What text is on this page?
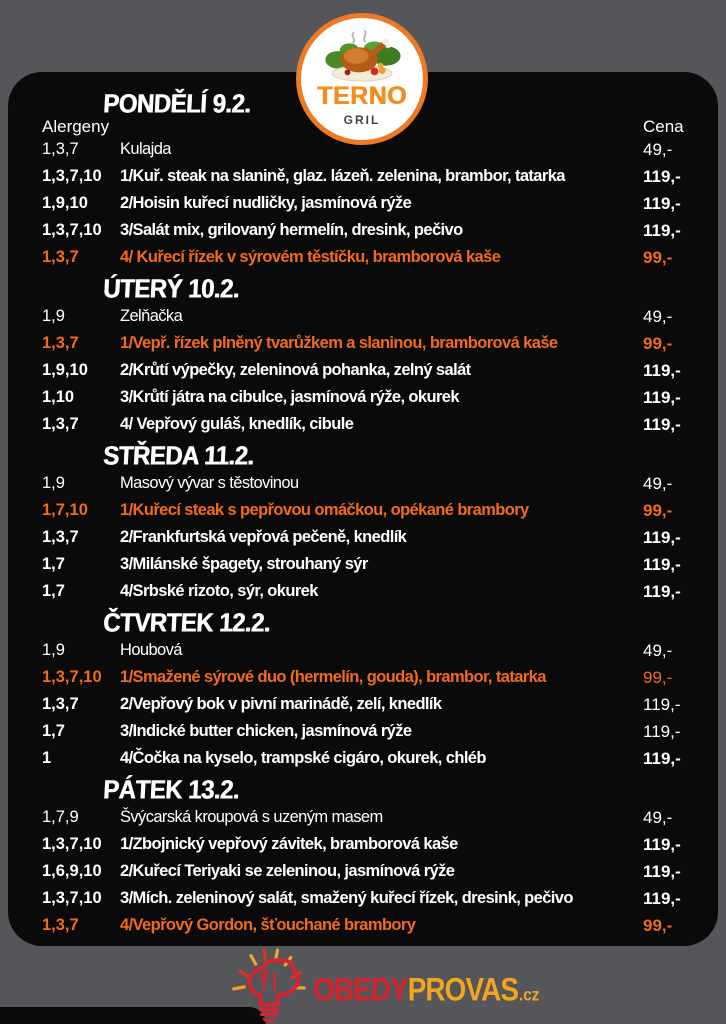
TERNO
GRIL
PONDĚLÍ 9.2.
Alergeny	Cena
1,3,7	Kulajda	49,-
1,3,7,10	1/Kuř. steak na slanině, glaz. lázeň. zelenina, brambor, tatarka	119,-
1,9,10	2/Hoisin kuřecí nudličky, jasmínová rýže	119,-
1,3,7,10	3/Salát mix, grilovaný hermelín, dresink, pečivo	119,-
1,3,7	4/ Kuřecí řízek v sýrovém těstíčku, bramborová kaše	99,-
ÚTERÝ 10.2.
1,9	Zelňačka	49,-
1,3,7	1/Vepř. řízek plněný tvarůžkem a slaninou, bramborová kaše	99,-
1,9,10	2/Krůtí výpečky, zeleninová pohanka, zelný salát	119,-
1,10	3/Krůtí játra na cibulce, jasmínová rýže, okurek	119,-
1,3,7	4/ Vepřový guláš, knedlík, cibule	119,-
STŘEDA 11.2.
1,9	Masový vývar s těstovinou	49,-
1,7,10	1/Kuřecí steak s pepřovou omáčkou, opékané brambory	99,-
1,3,7	2/Frankfurtská vepřová pečeně, knedlík	119,-
1,7	3/Milánské špagety, strouhaný sýr	119,-
1,7	4/Srbské rizoto, sýr, okurek	119,-
ČTVRTEK 12.2.
1,9	Houbová	49,-
1,3,7,10	1/Smažené sýrové duo (hermelín, gouda), brambor, tatarka	99,-
1,3,7	2/Vepřový bok v pivní marinádě, zelí, knedlík	119,-
1,7	3/Indické butter chicken, jasmínová rýže	119,-
1	4/Čočka na kyselo, trampské cigáro, okurek, chléb	119,-
PÁTEK 13.2.
1,7,9	Švýcarská kroupová s uzeným masem	49,-
1,3,7,10	1/Zbojnický vepřový závitek, bramborová kaše	119,-
1,6,9,10	2/Kuřecí Teriyaki se zeleninou, jasmínová rýže	119,-
1,3,7,10	3/Mích. zeleninový salát, smažený kuřecí řízek, dresink, pečivo	119,-
1,3,7	4/Vepřový Gordon, šťouchané brambory	99,-
OBEDY PROVAS .cz
